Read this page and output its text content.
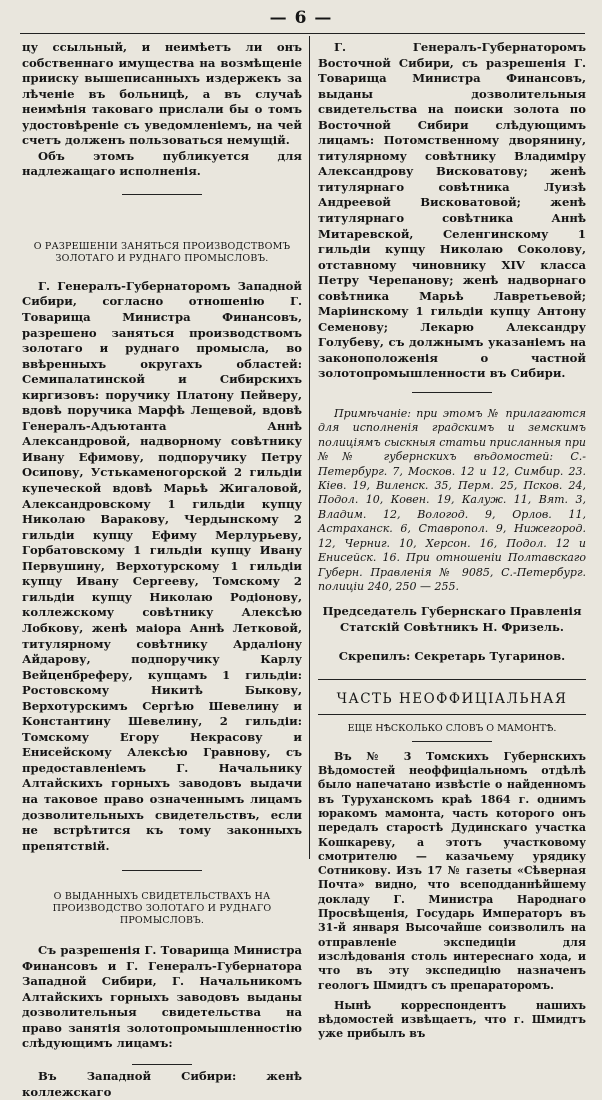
— 6 —

цу ссыльный, и неимѣетъ ли онъ собственнаго имущества на возмѣщеніе прииску вышеписанныхъ издержекъ за лѣченіе въ больницѣ, а въ случаѣ неимѣнія таковаго прислали бы о томъ удостовѣреніе съ уведомленіемъ, на чей счетъ долженъ пользоваться немущій.

Объ этомъ публикуется для надлежащаго исполненія.

О РАЗРЕШЕНІИ ЗАНЯТЬСЯ ПРОИЗВОДСТВОМЪ ЗОЛОТАГО И РУДНАГО ПРОМЫСЛОВЪ.

Г. Генералъ-Губернаторомъ Западной Сибири, согласно отношенію Г. Товарища Министра Финансовъ, разрешено заняться производствомъ золотаго и руднаго промысла, во ввѣренныхъ округахъ областей: Семипалатинской и Сибирскихъ киргизовъ: поручику Платону Пейверу, вдовѣ поручика Марфѣ Лещевой, вдовѣ Генералъ-Адъютанта Аннѣ Александровой, надворному совѣтнику Ивану Ефимову, подпоручику Петру Осипову, Устькаменогорской 2 гильдіи купеческой вдовѣ Марьѣ Жигаловой, Александровскому 1 гильдіи купцу Николаю Варакову, Чердынскому 2 гильдіи купцу Ефиму Мерлурьеву, Горбатовскому 1 гильдіи купцу Ивану Первушину, Верхотурскому 1 гильдіи купцу Ивану Сергееву, Томскому 2 гильдіи купцу Николаю Родіонову, коллежскому совѣтнику Алексѣю Лобкову, женѣ маіора Аннѣ Летковой, титулярному совѣтнику Ардаліону Айдарову, подпоручику Карлу Вейценбреферу, купцамъ 1 гильдіи: Ростовскому Никитѣ Быкову, Верхотурскимъ Сергѣю Шевелину и Константину Шевелину, 2 гильдіи: Томскому Егору Некрасову и Енисейскому Алексѣю Гравнову, съ предоставленіемъ Г. Начальнику Алтайскихъ горныхъ заводовъ выдачи на таковое право означеннымъ лицамъ дозволительныхъ свидетельствъ, если не встрѣтится къ тому законныхъ препятствій.

О ВЫДАННЫХЪ СВИДЕТЕЛЬСТВАХЪ НА ПРОИЗВОДСТВО ЗОЛОТАГО И РУДНАГО ПРОМЫСЛОВЪ.

Съ разрешенія Г. Товарища Министра Финансовъ и Г. Генералъ-Губернатора Западной Сибири, Г. Начальникомъ Алтайскихъ горныхъ заводовъ выданы дозволительныя свидетельства на право занятія золотопромышленностію слѣдующимъ лицамъ:

Въ Западной Сибири: женѣ коллежскаго

Г. Генералъ-Губернаторомъ Восточной Сибири, съ разрешенія Г. Товарища Министра Финансовъ, выданы дозволительныя свидетельства на поиски золота по Восточной Сибири слѣдующимъ лицамъ: Потомственному дворянину, титулярному совѣтнику Владиміру Александрову Висковатову; женѣ титулярнаго совѣтника Луизѣ Андреевой Висковатовой; женѣ титулярнаго совѣтника Аннѣ Митаревской, Селенгинскому 1 гильдіи купцу Николаю Соколову, отставному чиновнику XIV класса Петру Черепанову; женѣ надворнаго совѣтника Марьѣ Лавретьевой; Маріинскому 1 гильдіи купцу Антону Семенову; Лекарю Александру Голубеву, съ должнымъ указаніемъ на законоположенія о частной золотопромышленности въ Сибири.

Примѣчаніе: при этомъ № прилагаются для исполненія градскимъ и земскимъ полиціямъ сыскныя статьи присланныя при №№ губернскихъ вѣдомостей: С.-Петербург. 7, Москов. 12 и 12, Симбир. 23. Кіев. 19, Виленск. 35, Перм. 25, Псков. 24, Подол. 10, Ковен. 19, Калуж. 11, Вят. 3, Владим. 12, Вологод. 9, Орлов. 11, Астраханск. 6, Ставропол. 9, Нижегород. 12, Черниг. 10, Херсон. 16, Подол. 12 и Енисейск. 16. При отношеніи Полтавскаго Губерн. Правленія № 9085, С.-Петербург. полиціи 240, 250 — 255.

Председатель Губернскаго Правленія Статскій Совѣтникъ Н. Фризель.

Скрепилъ: Секретарь Тугаринов.

ЧАСТЬ НЕОФФИЦІАЛЬНАЯ

ЕЩЕ НѢСКОЛЬКО СЛОВЪ О МАМОНТѢ.

Въ № 3 Томскихъ Губернскихъ Вѣдомостей неоффиціальномъ отдѣлѣ было напечатано извѣстіе о найденномъ въ Туруханскомъ краѣ 1864 г. однимъ юракомъ мамонта, часть которого онъ передалъ старостѣ Дудинскаго участка Кошкареву, а этотъ участковому смотрителю — казачьему урядику Сотникову. Изъ 17 № газеты «Сѣверная Почта» видно, что всеподданнѣйшему докладу Г. Министра Народнаго Просвѣщенія, Государь Императоръ въ 31-й января Высочайше соизволилъ на отправленіе экспедиціи для изслѣдованія столь интереснаго хода, и что въ эту экспедицію назначенъ геологъ Шмидтъ съ препараторомъ.

Нынѣ корреспондентъ нашихъ вѣдомостей извѣщаетъ, что г. Шмидтъ уже прибылъ въ
